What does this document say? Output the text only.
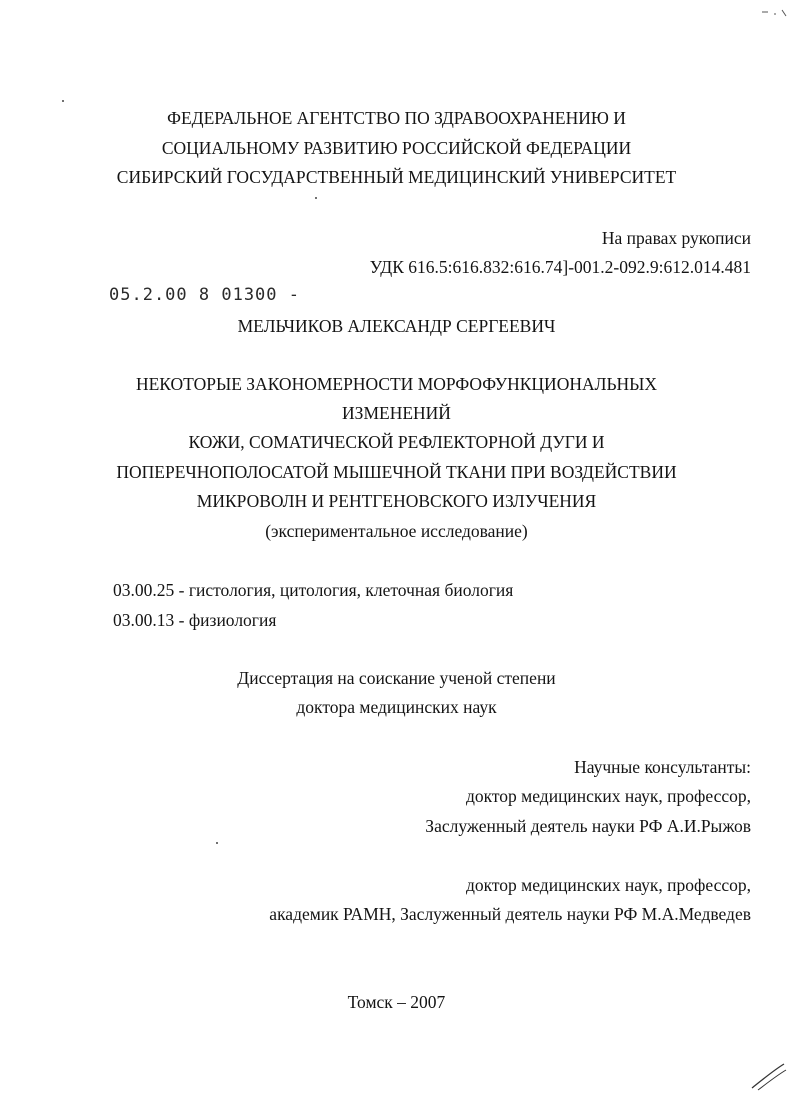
ФЕДЕРАЛЬНОЕ АГЕНТСТВО ПО ЗДРАВООХРАНЕНИЮ И
СОЦИАЛЬНОМУ РАЗВИТИЮ РОССИЙСКОЙ ФЕДЕРАЦИИ
СИБИРСКИЙ ГОСУДАРСТВЕННЫЙ МЕДИЦИНСКИЙ УНИВЕРСИТЕТ
На правах рукописи
УДК 616.5:616.832:616.74]-001.2-092.9:612.014.481
05.2.00 8 01300 -
МЕЛЬЧИКОВ АЛЕКСАНДР СЕРГЕЕВИЧ
НЕКОТОРЫЕ ЗАКОНОМЕРНОСТИ МОРФОФУНКЦИОНАЛЬНЫХ
ИЗМЕНЕНИЙ
КОЖИ, СОМАТИЧЕСКОЙ РЕФЛЕКТОРНОЙ ДУГИ И
ПОПЕРЕЧНОПОЛОСАТОЙ МЫШЕЧНОЙ ТКАНИ ПРИ ВОЗДЕЙСТВИИ
МИКРОВОЛН И РЕНТГЕНОВСКОГО ИЗЛУЧЕНИЯ
(экспериментальное исследование)
03.00.25 - гистология, цитология, клеточная биология
03.00.13 - физиология
Диссертация на соискание ученой степени
доктора медицинских наук
Научные консультанты:
доктор медицинских наук, профессор,
Заслуженный деятель науки РФ А.И.Рыжов
доктор медицинских наук, профессор,
академик РАМН, Заслуженный деятель науки РФ М.А.Медведев
Томск – 2007
